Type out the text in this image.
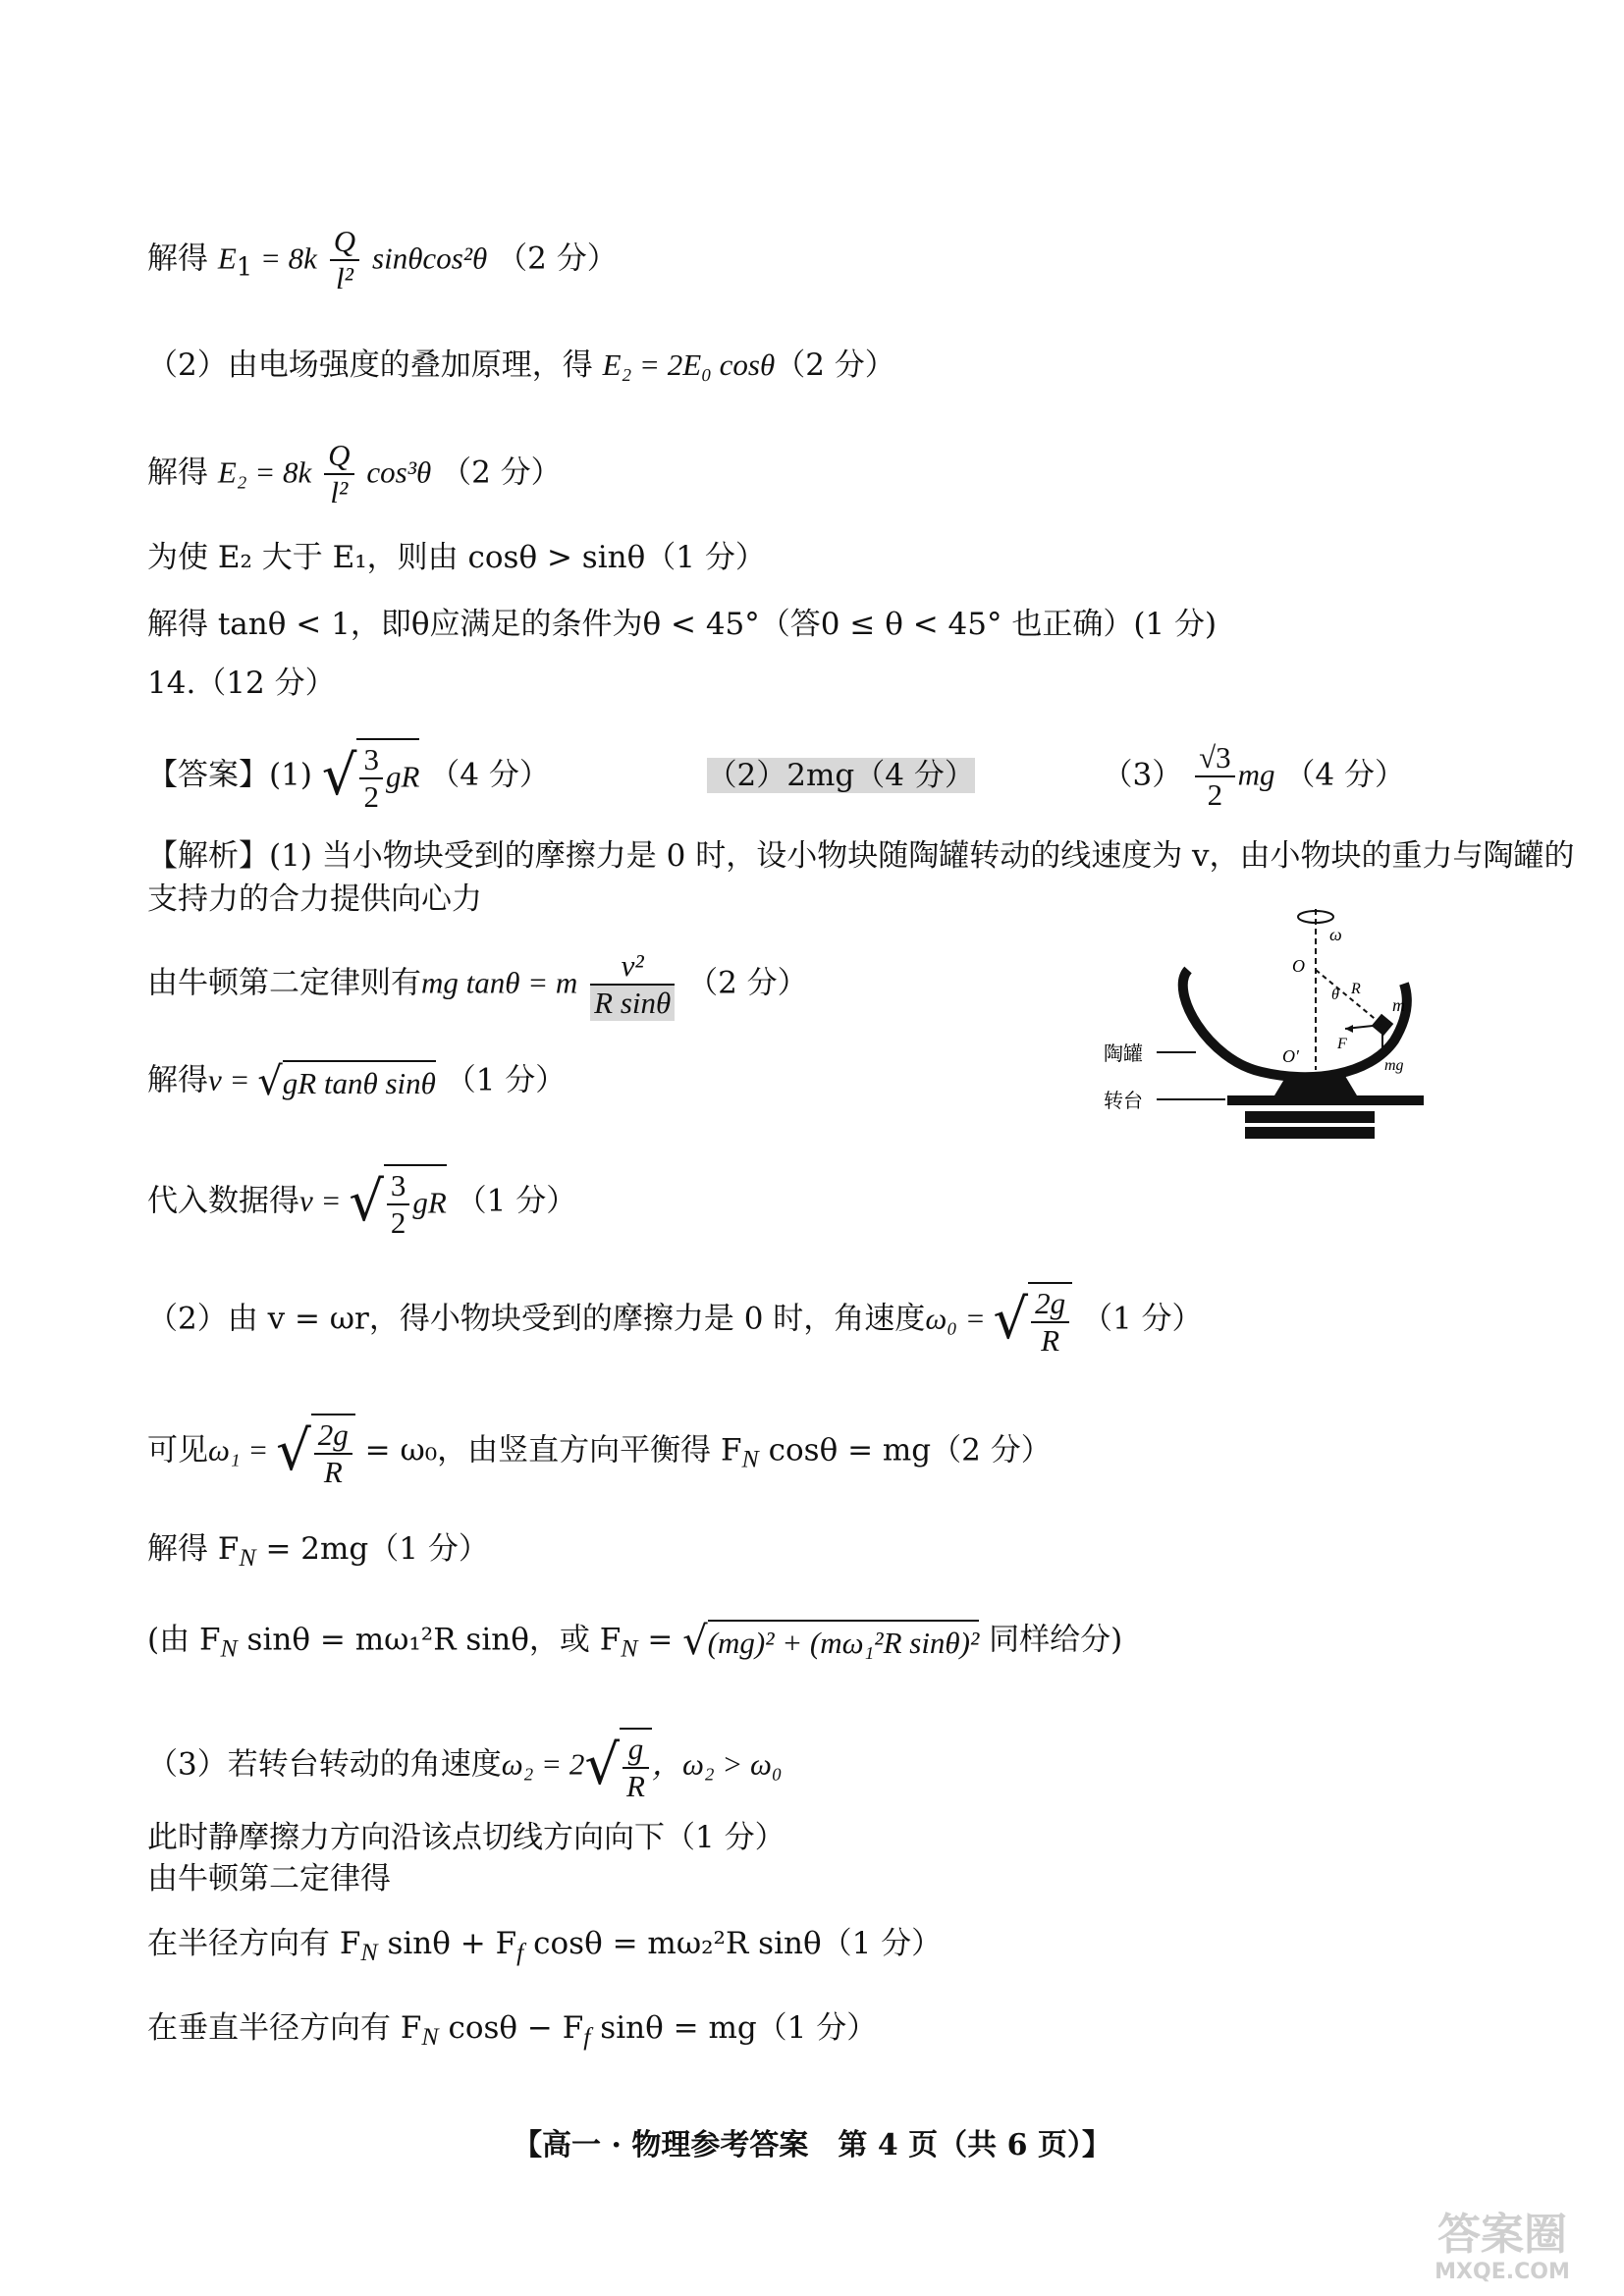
解得 $E_1 = 8k \frac{Q}{\text{l²}} \sin\theta\cos^2\theta$ （2 分）
（2）由电场强度的叠加原理，得 E₂ = 2E₀ cosθ（2 分）
解得 $E_2 = 8k \frac{Q}{\text{l²}} \cos^3\theta$ （2 分）
为使 E₂ 大于 E₁，则由 cosθ > sinθ（1 分）
解得 tanθ < 1，即θ应满足的条件为θ < 45°（答0 ≤ θ < 45° 也正确）(1 分)
14.（12 分）
【答案】(1) √ $\frac{3}{2}$ gR （4 分）	（2）2mg（4 分）	$(3) \frac{√3}{2}$ mg （4 分）
【解析】(1) 当小物块受到的摩擦力是 0 时，设小物块随陶罐转动的线速度为 v，由小物块的重力与陶罐的
支持力的合力提供向心力
由牛顿第二定律则有mg tanθ = m $\frac{\text{v²}}{\text{R sinθ}} (2$ 分）
解得v = √gR tanθ sinθ （1 分）
代入数据得v = √ $\frac{3}{2}$ gR （1 分）
（2）由 v = ωr，得小物块受到的摩擦力是 0 时，角速度ω₀ = √ $\frac{2g}{R} (1$ 分）
可见ω₁ = √ $\frac{2g}{R} = \omega_0$，由竖直方向平衡得 $F_N$ cosθ = mg（2 分）
解得 $F_N = 2mg(1$ 分）
(由 $F_N$ sinθ = mω₁²R sinθ，或 $F_N = √(mg)^2 + (m\omega_1^2R$ sinθ)² 同样给分)
（3）若转台转动的角速度$\omega_2 = 2√ \frac{g}{R}$ ，ω₂ > ω₀
此时静摩擦力方向沿该点切线方向向下（1 分）
由牛顿第二定律得
在半径方向有 $F_N$ $\sin\theta + F_f$ cosθ = mω₂²R sinθ（1 分）
在垂直半径方向有 $F_N$ $\cos\theta - F_f$ sinθ = mg（1 分）
ω
O
θ R
m
F
mg
O′
陶罐
转台
【高一 · 物理参考答案　第 4 页（共 6 页）】
答案圈
MXQE.COM
